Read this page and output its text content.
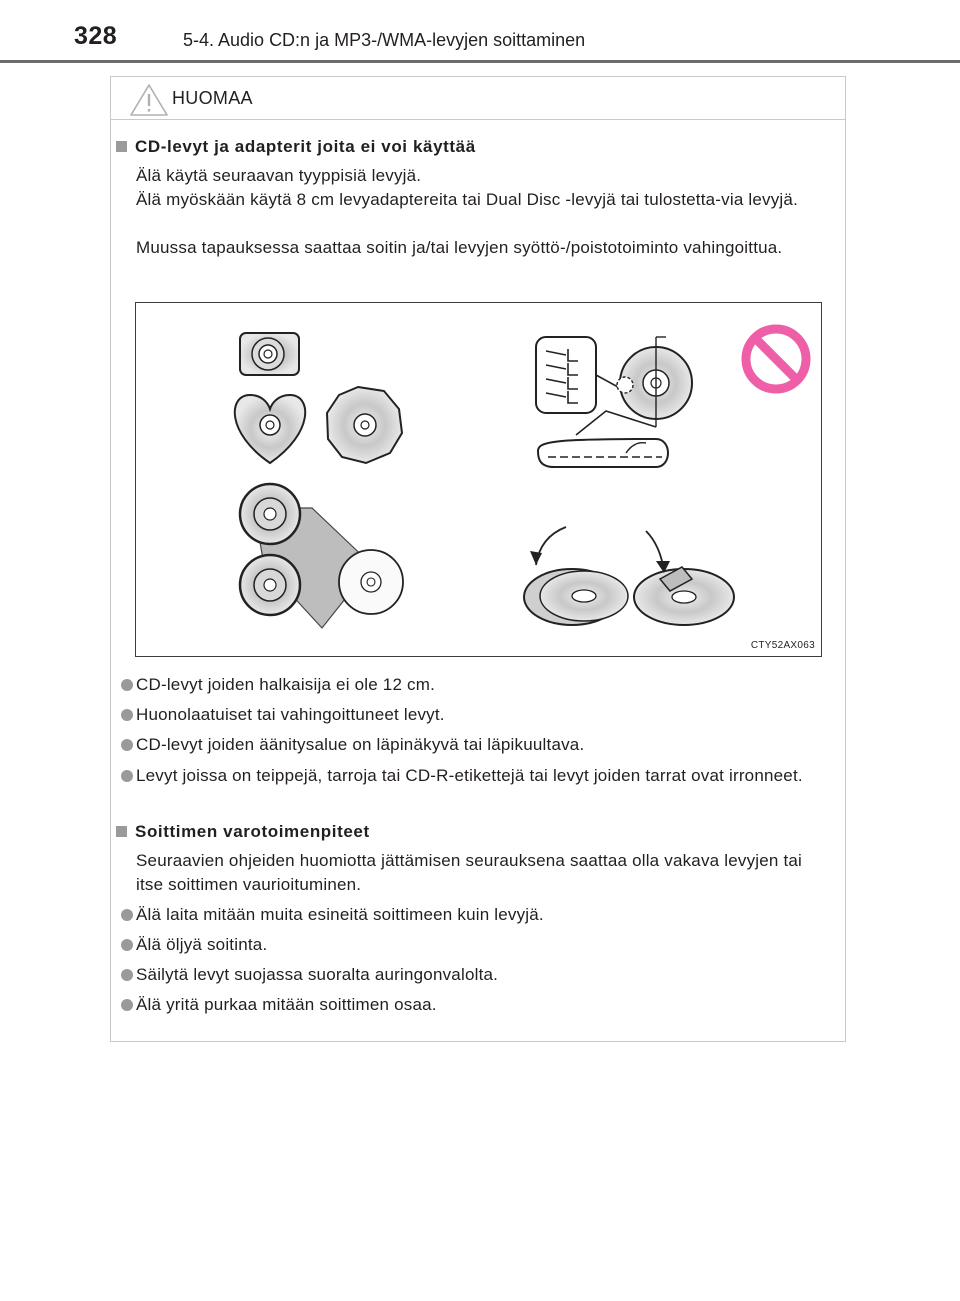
328	5-4. Audio CD:n ja MP3-/WMA-levyjen soittaminen
HUOMAA
CD-levyt ja adapterit joita ei voi käyttää
Älä käytä seuraavan tyyppisiä levyjä.
Älä myöskään käytä 8 cm levyadaptereita tai Dual Disc -levyjä tai tulostetta-via levyjä.
Muussa tapauksessa saattaa soitin ja/tai levyjen syöttö-/poistotoiminto vahingoittua.
CTY52AX063
CD-levyt joiden halkaisija ei ole 12 cm.
Huonolaatuiset tai vahingoittuneet levyt.
CD-levyt joiden äänitysalue on läpinäkyvä tai läpikuultava.
Levyt joissa on teippejä, tarroja tai CD-R-etikettejä tai levyt joiden tarrat ovat irronneet.
Soittimen varotoimenpiteet
Seuraavien ohjeiden huomiotta jättämisen seurauksena saattaa olla vakava levyjen tai itse soittimen vaurioituminen.
Älä laita mitään muita esineitä soittimeen kuin levyjä.
Älä öljyä soitinta.
Säilytä levyt suojassa suoralta auringonvalolta.
Älä yritä purkaa mitään soittimen osaa.
